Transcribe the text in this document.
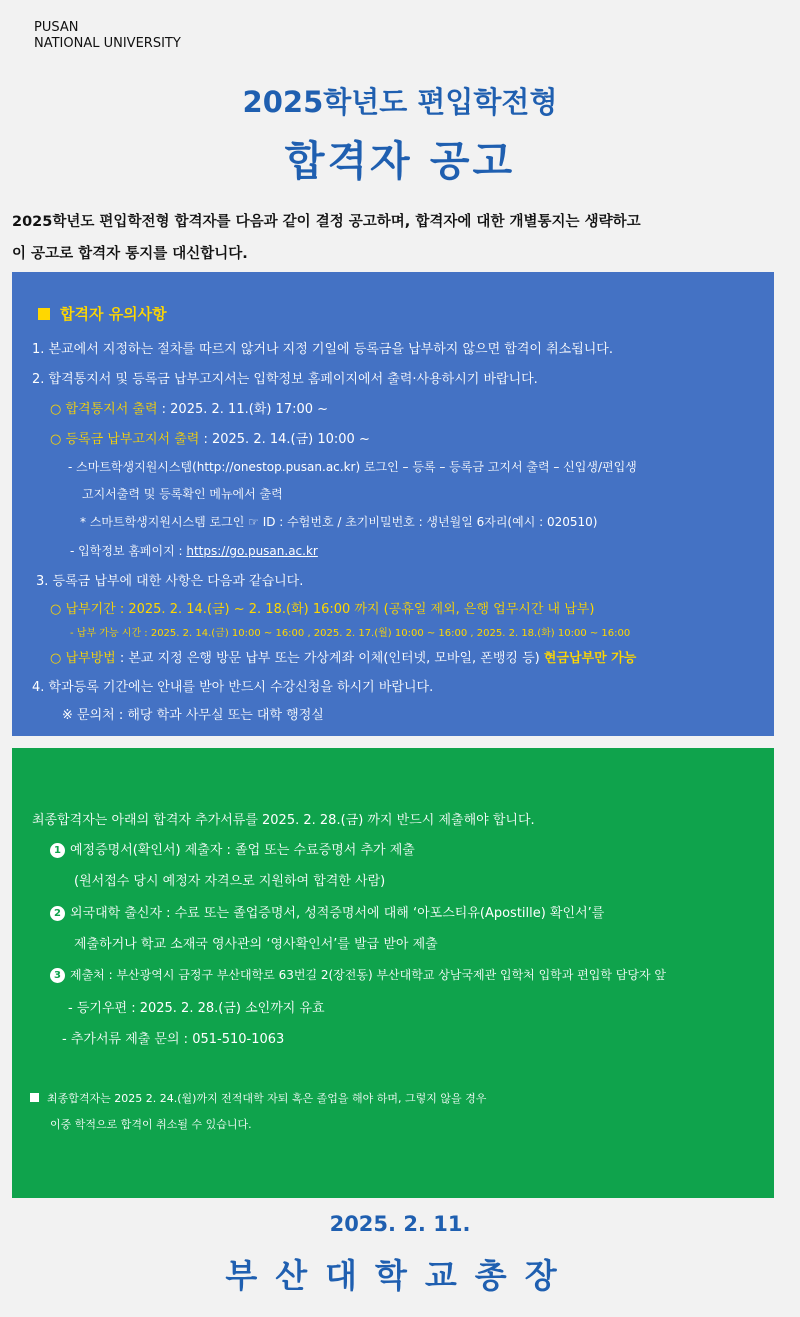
PUSAN
NATIONAL UNIVERSITY
2025학년도 편입학전형
합격자 공고
2025학년도 편입학전형 합격자를 다음과 같이 결정 공고하며, 합격자에 대한 개별통지는 생략하고
이 공고로 합격자 통지를 대신합니다.
합격자 유의사항
1. 본교에서 지정하는 절차를 따르지 않거나 지정 기일에 등록금을 납부하지 않으면 합격이 취소됩니다.
2. 합격통지서 및 등록금 납부고지서는 입학정보 홈페이지에서 출력·사용하시기 바랍니다.
○ 합격통지서 출력 : 2025. 2. 11.(화) 17:00 ~
○ 등록금 납부고지서 출력 : 2025. 2. 14.(금) 10:00 ~
- 스마트학생지원시스템(http://onestop.pusan.ac.kr) 로그인 – 등록 – 등록금 고지서 출력 – 신입생/편입생
고지서출력 및 등록확인 메뉴에서 출력
* 스마트학생지원시스템 로그인 ☞ ID : 수험번호 / 초기비밀번호 : 생년월일 6자리(예시 : 020510)
- 입학정보 홈페이지 : https://go.pusan.ac.kr
3. 등록금 납부에 대한 사항은 다음과 같습니다.
○ 납부기간 : 2025. 2. 14.(금) ~ 2. 18.(화) 16:00 까지 (공휴일 제외, 은행 업무시간 내 납부)
- 납부 가능 시간 : 2025. 2. 14.(금) 10:00 ~ 16:00 , 2025. 2. 17.(월) 10:00 ~ 16:00 , 2025. 2. 18.(화) 10:00 ~ 16:00
○ 납부방법 : 본교 지정 은행 방문 납부 또는 가상계좌 이체(인터넷, 모바일, 폰뱅킹 등) 현금납부만 가능
4. 학과등록 기간에는 안내를 받아 반드시 수강신청을 하시기 바랍니다.
※ 문의처 : 해당 학과 사무실 또는 대학 행정실
최종합격자는 아래의 합격자 추가서류를 2025. 2. 28.(금) 까지 반드시 제출해야 합니다.
1 예정증명서(확인서) 제출자 : 졸업 또는 수료증명서 추가 제출
(원서접수 당시 예정자 자격으로 지원하여 합격한 사람)
2 외국대학 출신자 : 수료 또는 졸업증명서, 성적증명서에 대해 ‘아포스티유(Apostille) 확인서’를
제출하거나 학교 소재국 영사관의 ‘영사확인서’를 발급 받아 제출
3 제출처 : 부산광역시 금정구 부산대학로 63번길 2(장전동) 부산대학교 상남국제관 입학처 입학과 편입학 담당자 앞
- 등기우편 : 2025. 2. 28.(금) 소인까지 유효
- 추가서류 제출 문의 : 051-510-1063
최종합격자는 2025 2. 24.(월)까지 전적대학 자퇴 혹은 졸업을 해야 하며, 그렇지 않을 경우
이중 학적으로 합격이 취소될 수 있습니다.
2025. 2. 11.
부산대학교총장
